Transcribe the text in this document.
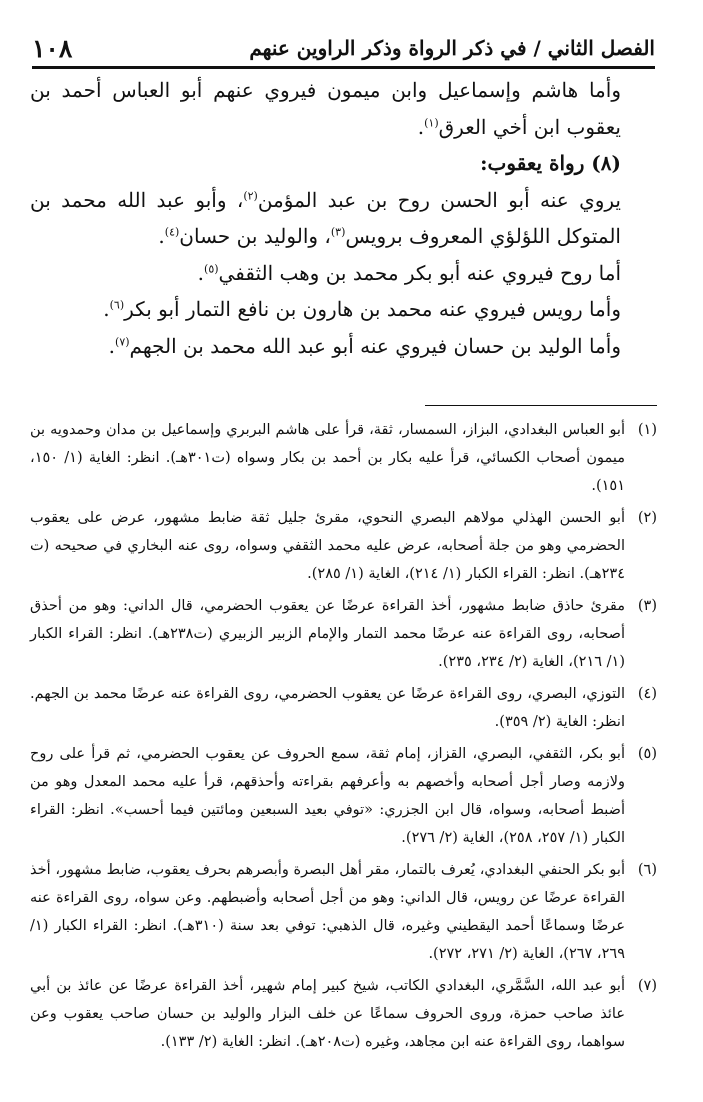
الفصل الثاني / في ذكر الرواة وذكر الراوين عنهم
١٠٨

وأما هاشم وإسماعيل وابن ميمون فيروي عنهم أبو العباس أحمد بن يعقوب ابن أخي العرق$^{(١)}$.

(٨) رواة يعقوب:

يروي عنه أبو الحسن روح بن عبد المؤمن$^{(٢)}$، وأبو عبد الله محمد بن المتوكل اللؤلؤي المعروف برويس$^{(٣)}$، والوليد بن حسان$^{(٤)}$.

أما روح فيروي عنه أبو بكر محمد بن وهب الثقفي$^{(٥)}$.

وأما رويس فيروي عنه محمد بن هارون بن نافع التمار أبو بكر$^{(٦)}$.

وأما الوليد بن حسان فيروي عنه أبو عبد الله محمد بن الجهم$^{(٧)}$.

(١)
أبو العباس البغدادي، البزاز، السمسار، ثقة، قرأ على هاشم البربري وإسماعيل بن مدان وحمدويه بن ميمون أصحاب الكسائي، قرأ عليه بكار بن أحمد بن بكار وسواه (ت٣٠١هـ). انظر: الغاية (١/ ١٥٠، ١٥١).
(٢)
أبو الحسن الهذلي مولاهم البصري النحوي، مقرئ جليل ثقة ضابط مشهور، عرض على يعقوب الحضرمي وهو من جلة أصحابه، عرض عليه محمد الثقفي وسواه، روى عنه البخاري في صحيحه (ت ٢٣٤هـ). انظر: القراء الكبار (١/ ٢١٤)، الغاية (١/ ٢٨٥).
(٣)
مقرئ حاذق ضابط مشهور، أخذ القراءة عرضًا عن يعقوب الحضرمي، قال الداني: وهو من أحذق أصحابه، روى القراءة عنه عرضًا محمد التمار والإمام الزبير الزبيري (ت٢٣٨هـ). انظر: القراء الكبار (١/ ٢١٦)، الغاية (٢/ ٢٣٤، ٢٣٥).
(٤)
التوزي، البصري، روى القراءة عرضًا عن يعقوب الحضرمي، روى القراءة عنه عرضًا محمد بن الجهم. انظر: الغاية (٢/ ٣٥٩).
(٥)
أبو بكر، الثقفي، البصري، القزاز، إمام ثقة، سمع الحروف عن يعقوب الحضرمي، ثم قرأ على روح ولازمه وصار أجل أصحابه وأخصهم به وأعرفهم بقراءته وأحذقهم، قرأ عليه محمد المعدل وهو من أضبط أصحابه، وسواه، قال ابن الجزري: «توفي بعيد السبعين ومائتين فيما أحسب». انظر: القراء الكبار (١/ ٢٥٧، ٢٥٨)، الغاية (٢/ ٢٧٦).
(٦)
أبو بكر الحنفي البغدادي، يُعرف بالتمار، مقر أهل البصرة وأبصرهم بحرف يعقوب، ضابط مشهور، أخذ القراءة عرضًا عن رويس، قال الداني: وهو من أجل أصحابه وأضبطهم. وعن سواه، روى القراءة عنه عرضًا وسماعًا أحمد اليقطيني وغيره، قال الذهبي: توفي بعد سنة (٣١٠هـ). انظر: القراء الكبار (١/ ٢٦٩، ٢٦٧)، الغاية (٢/ ٢٧١، ٢٧٢).
(٧)
أبو عبد الله، السَّمَّري، البغدادي الكاتب، شيخ كبير إمام شهير، أخذ القراءة عرضًا عن عائذ بن أبي عائذ صاحب حمزة، وروى الحروف سماعًا عن خلف البزار والوليد بن حسان صاحب يعقوب وعن سواهما، روى القراءة عنه ابن مجاهد، وغيره (ت٢٠٨هـ). انظر: الغاية (٢/ ١٣٣).
